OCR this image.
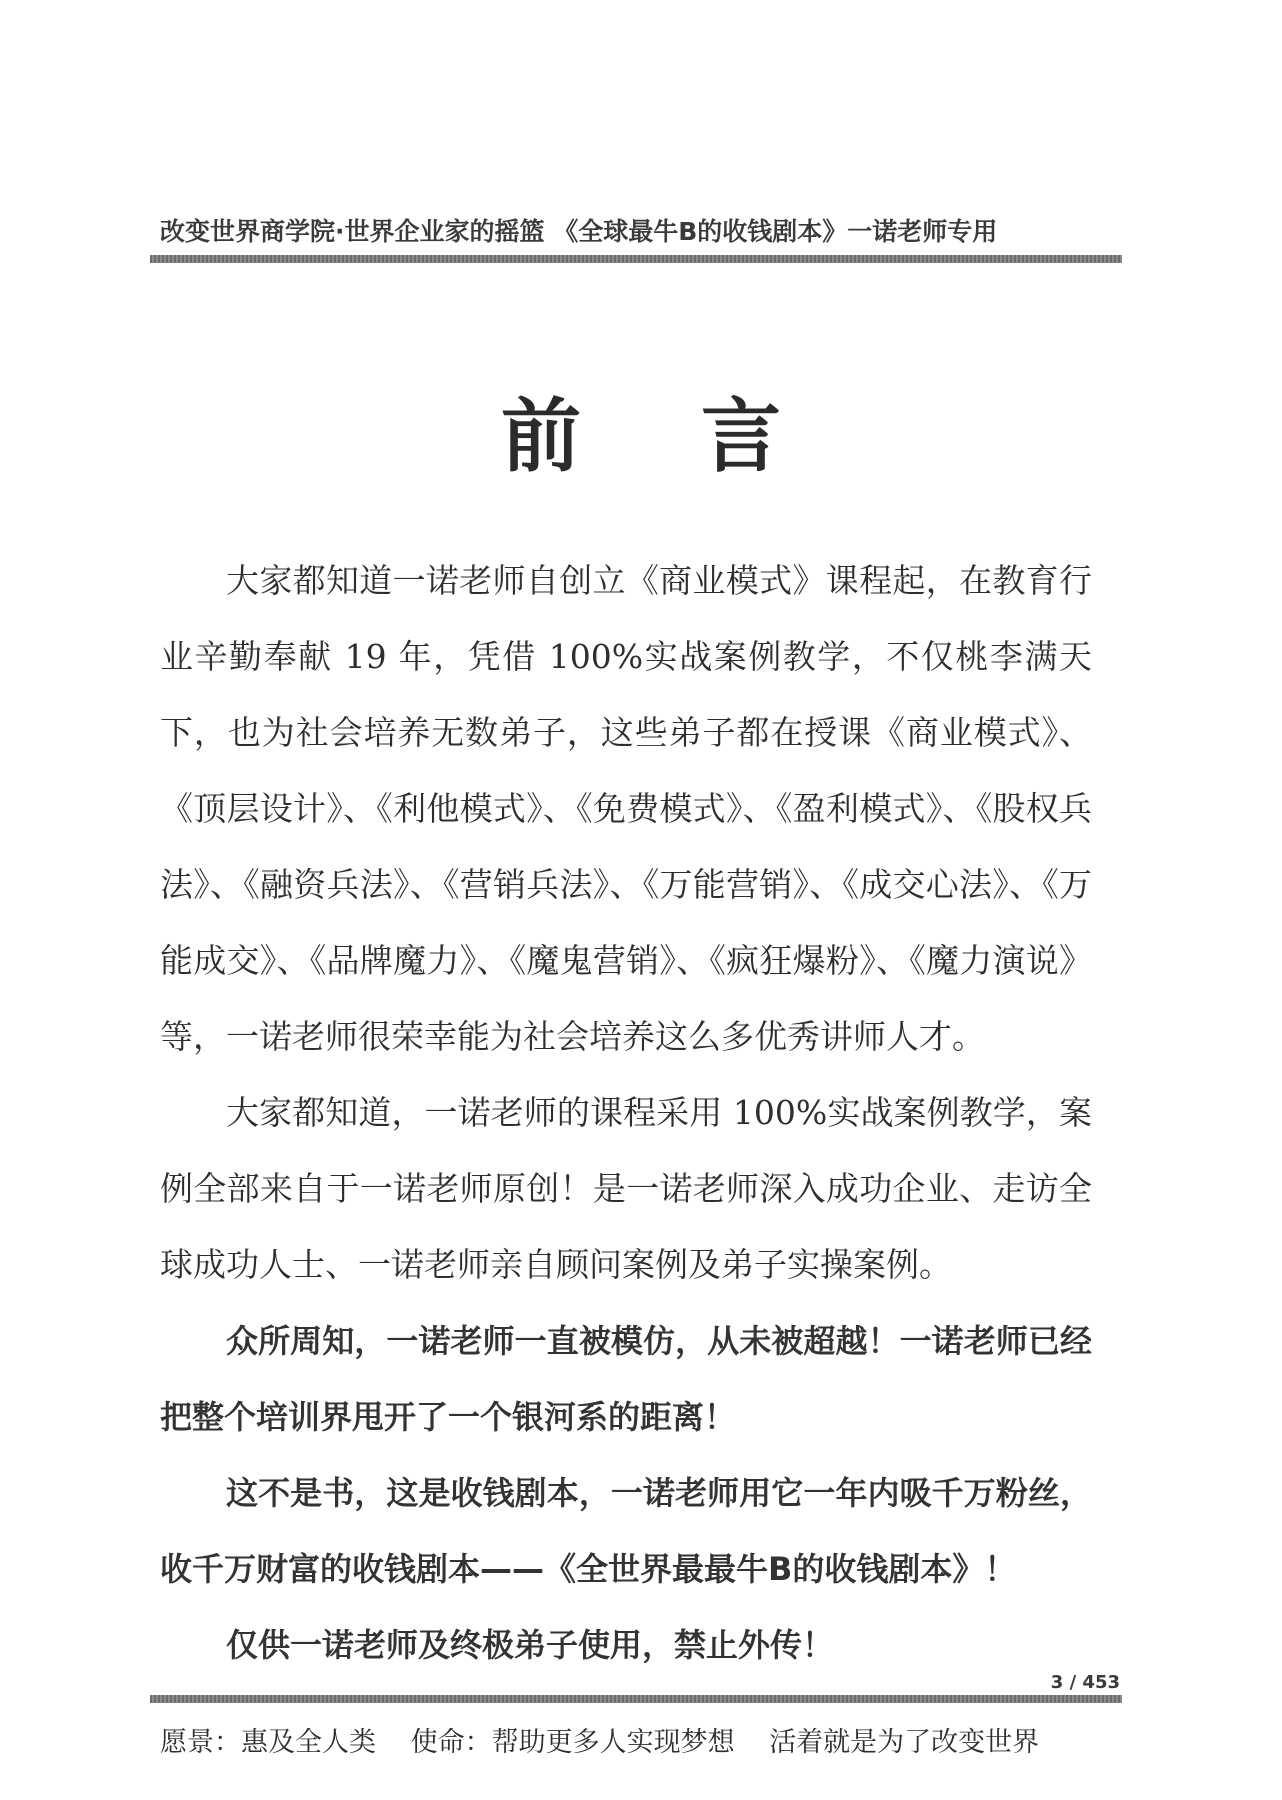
改变世界商学院·世界企业家的摇篮 《全球最牛B的收钱剧本》一诺老师专用
前言

大家都知道一诺老师自创立《商业模式》课程起，在教育行业辛勤奉献 19 年，凭借 100%实战案例教学，不仅桃李满天下，也为社会培养无数弟子，这些弟子都在授课《商业模式》、《顶层设计》、《利他模式》、《免费模式》、《盈利模式》、《股权兵法》、《融资兵法》、《营销兵法》、《万能营销》、《成交心法》、《万能成交》、《品牌魔力》、《魔鬼营销》、《疯狂爆粉》、《魔力演说》等，一诺老师很荣幸能为社会培养这么多优秀讲师人才。

大家都知道，一诺老师的课程采用 100%实战案例教学，案例全部来自于一诺老师原创！是一诺老师深入成功企业、走访全球成功人士、一诺老师亲自顾问案例及弟子实操案例。

众所周知，一诺老师一直被模仿，从未被超越！一诺老师已经把整个培训界甩开了一个银河系的距离！

这不是书，这是收钱剧本，一诺老师用它一年内吸千万粉丝，收千万财富的收钱剧本——《全世界最最牛B的收钱剧本》！

仅供一诺老师及终极弟子使用，禁止外传！

3 / 453
愿景：惠及全人类 使命：帮助更多人实现梦想 活着就是为了改变世界
